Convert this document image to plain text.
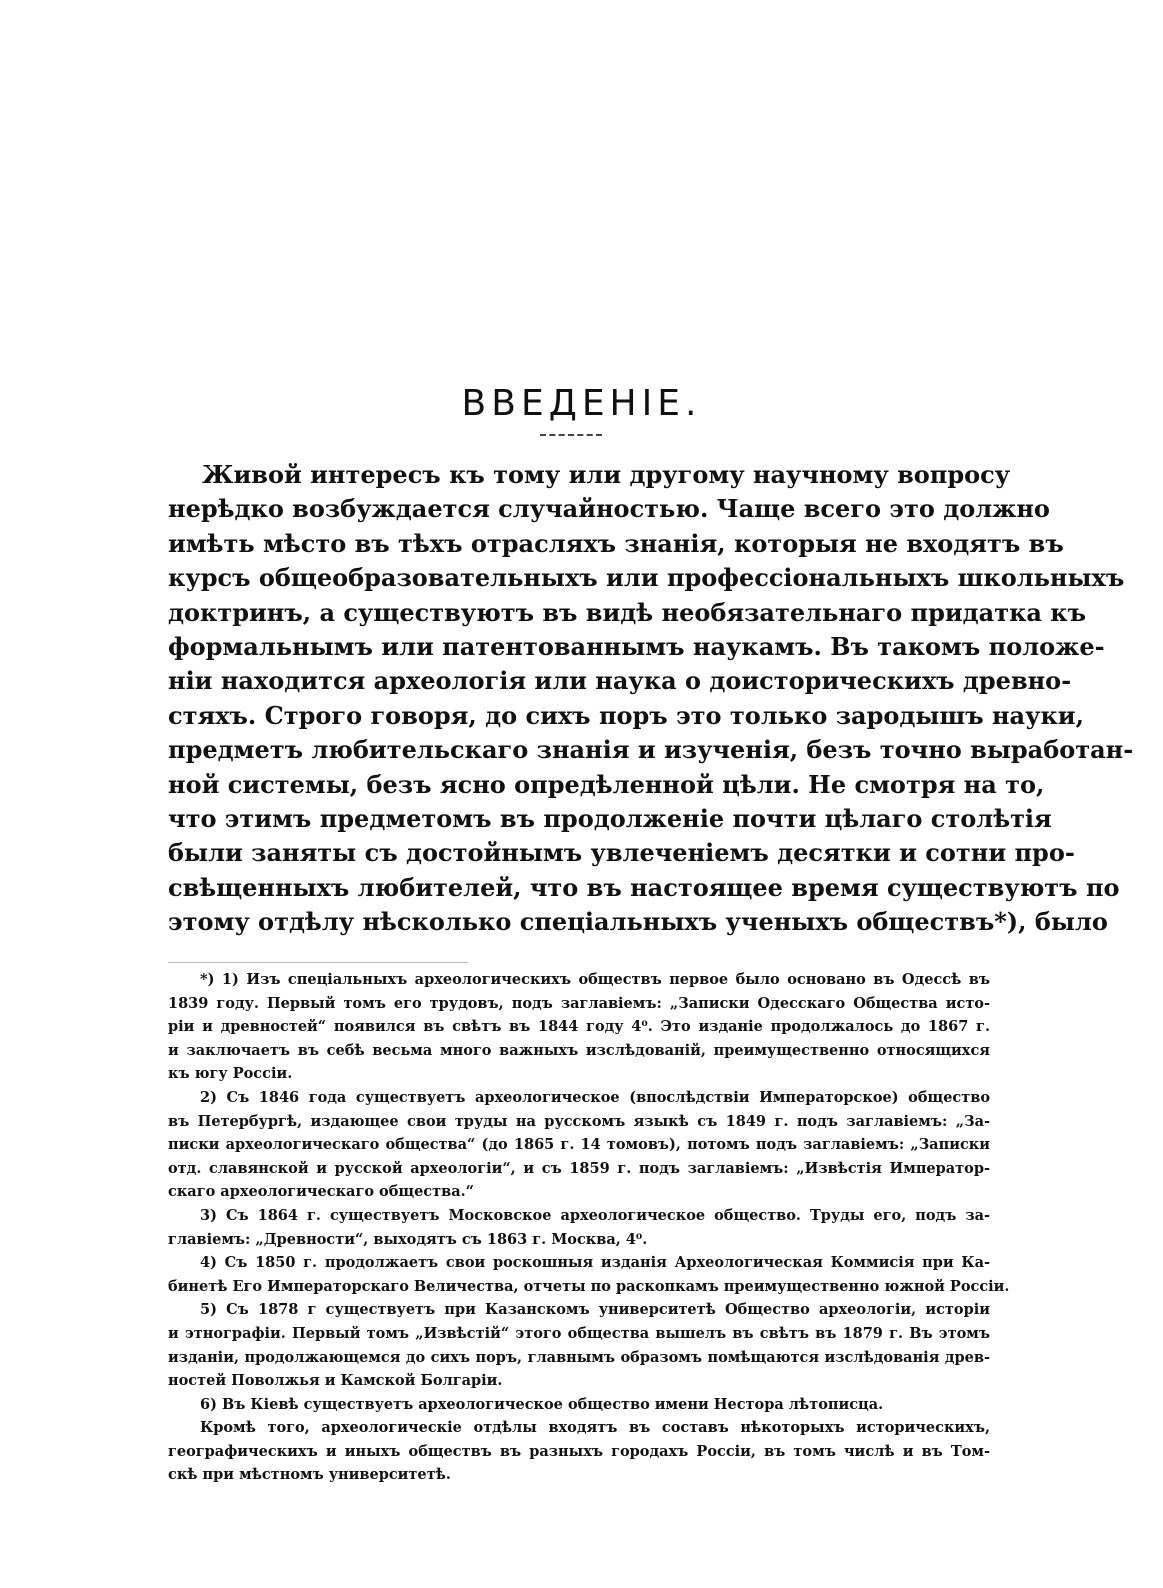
ВВЕДЕНІЕ.
Живой интересъ къ тому или другому научному вопросу
нерѣдко возбуждается случайностью. Чаще всего это должно
имѣть мѣсто въ тѣхъ отрасляхъ знанія, которыя не входятъ въ
курсъ общеобразовательныхъ или профессіональныхъ школьныхъ
доктринъ, а существуютъ въ видѣ необязательнаго придатка къ
формальнымъ или патентованнымъ наукамъ. Въ такомъ положе-
ніи находится археологія или наука о доисторическихъ древно-
стяхъ. Строго говоря, до сихъ поръ это только зародышъ науки,
предметъ любительскаго знанія и изученія, безъ точно выработан-
ной системы, безъ ясно опредѣленной цѣли. Не смотря на то,
что этимъ предметомъ въ продолженіе почти цѣлаго столѣтія
были заняты съ достойнымъ увлеченіемъ десятки и сотни про-
свѣщенныхъ любителей, что въ настоящее время существуютъ по
этому отдѣлу нѣсколько спеціальныхъ ученыхъ обществъ*), было
*) 1) Изъ спеціальныхъ археологическихъ обществъ первое было основано въ Одессѣ въ
1839 году. Первый томъ его трудовъ, подъ заглавіемъ: „Записки Одесскаго Общества исто-
ріи и древностей“ появился въ свѣтъ въ 1844 году 4⁰. Это изданіе продолжалось до 1867 г.
и заключаетъ въ себѣ весьма много важныхъ изслѣдованій, преимущественно относящихся
къ югу Россіи.
2) Съ 1846 года существуетъ археологическое (впослѣдствіи Императорское) общество
въ Петербургѣ, издающее свои труды на русскомъ языкѣ съ 1849 г. подъ заглавіемъ: „За-
писки археологическаго общества“ (до 1865 г. 14 томовъ), потомъ подъ заглавіемъ: „Записки
отд. славянской и русской археологіи“, и съ 1859 г. подъ заглавіемъ: „Извѣстія Император-
скаго археологическаго общества.“
3) Съ 1864 г. существуетъ Московское археологическое общество. Труды его, подъ за-
главіемъ: „Древности“, выходятъ съ 1863 г. Москва, 4⁰.
4) Съ 1850 г. продолжаетъ свои роскошныя изданія Археологическая Коммисія при Ка-
бинетѣ Его Императорскаго Величества, отчеты по раскопкамъ преимущественно южной Россіи.
5) Съ 1878 г существуетъ при Казанскомъ университетѣ Общество археологіи, исторіи
и этнографіи. Первый томъ „Извѣстій“ этого общества вышелъ въ свѣтъ въ 1879 г. Въ этомъ
изданіи, продолжающемся до сихъ поръ, главнымъ образомъ помѣщаются изслѣдованія древ-
ностей Поволжья и Камской Болгаріи.
6) Въ Кіевѣ существуетъ археологическое общество имени Нестора лѣтописца.
Кромѣ того, археологическіе отдѣлы входятъ въ составъ нѣкоторыхъ историческихъ,
географическихъ и иныхъ обществъ въ разныхъ городахъ Россіи, въ томъ числѣ и въ Том-
скѣ при мѣстномъ университетѣ.
